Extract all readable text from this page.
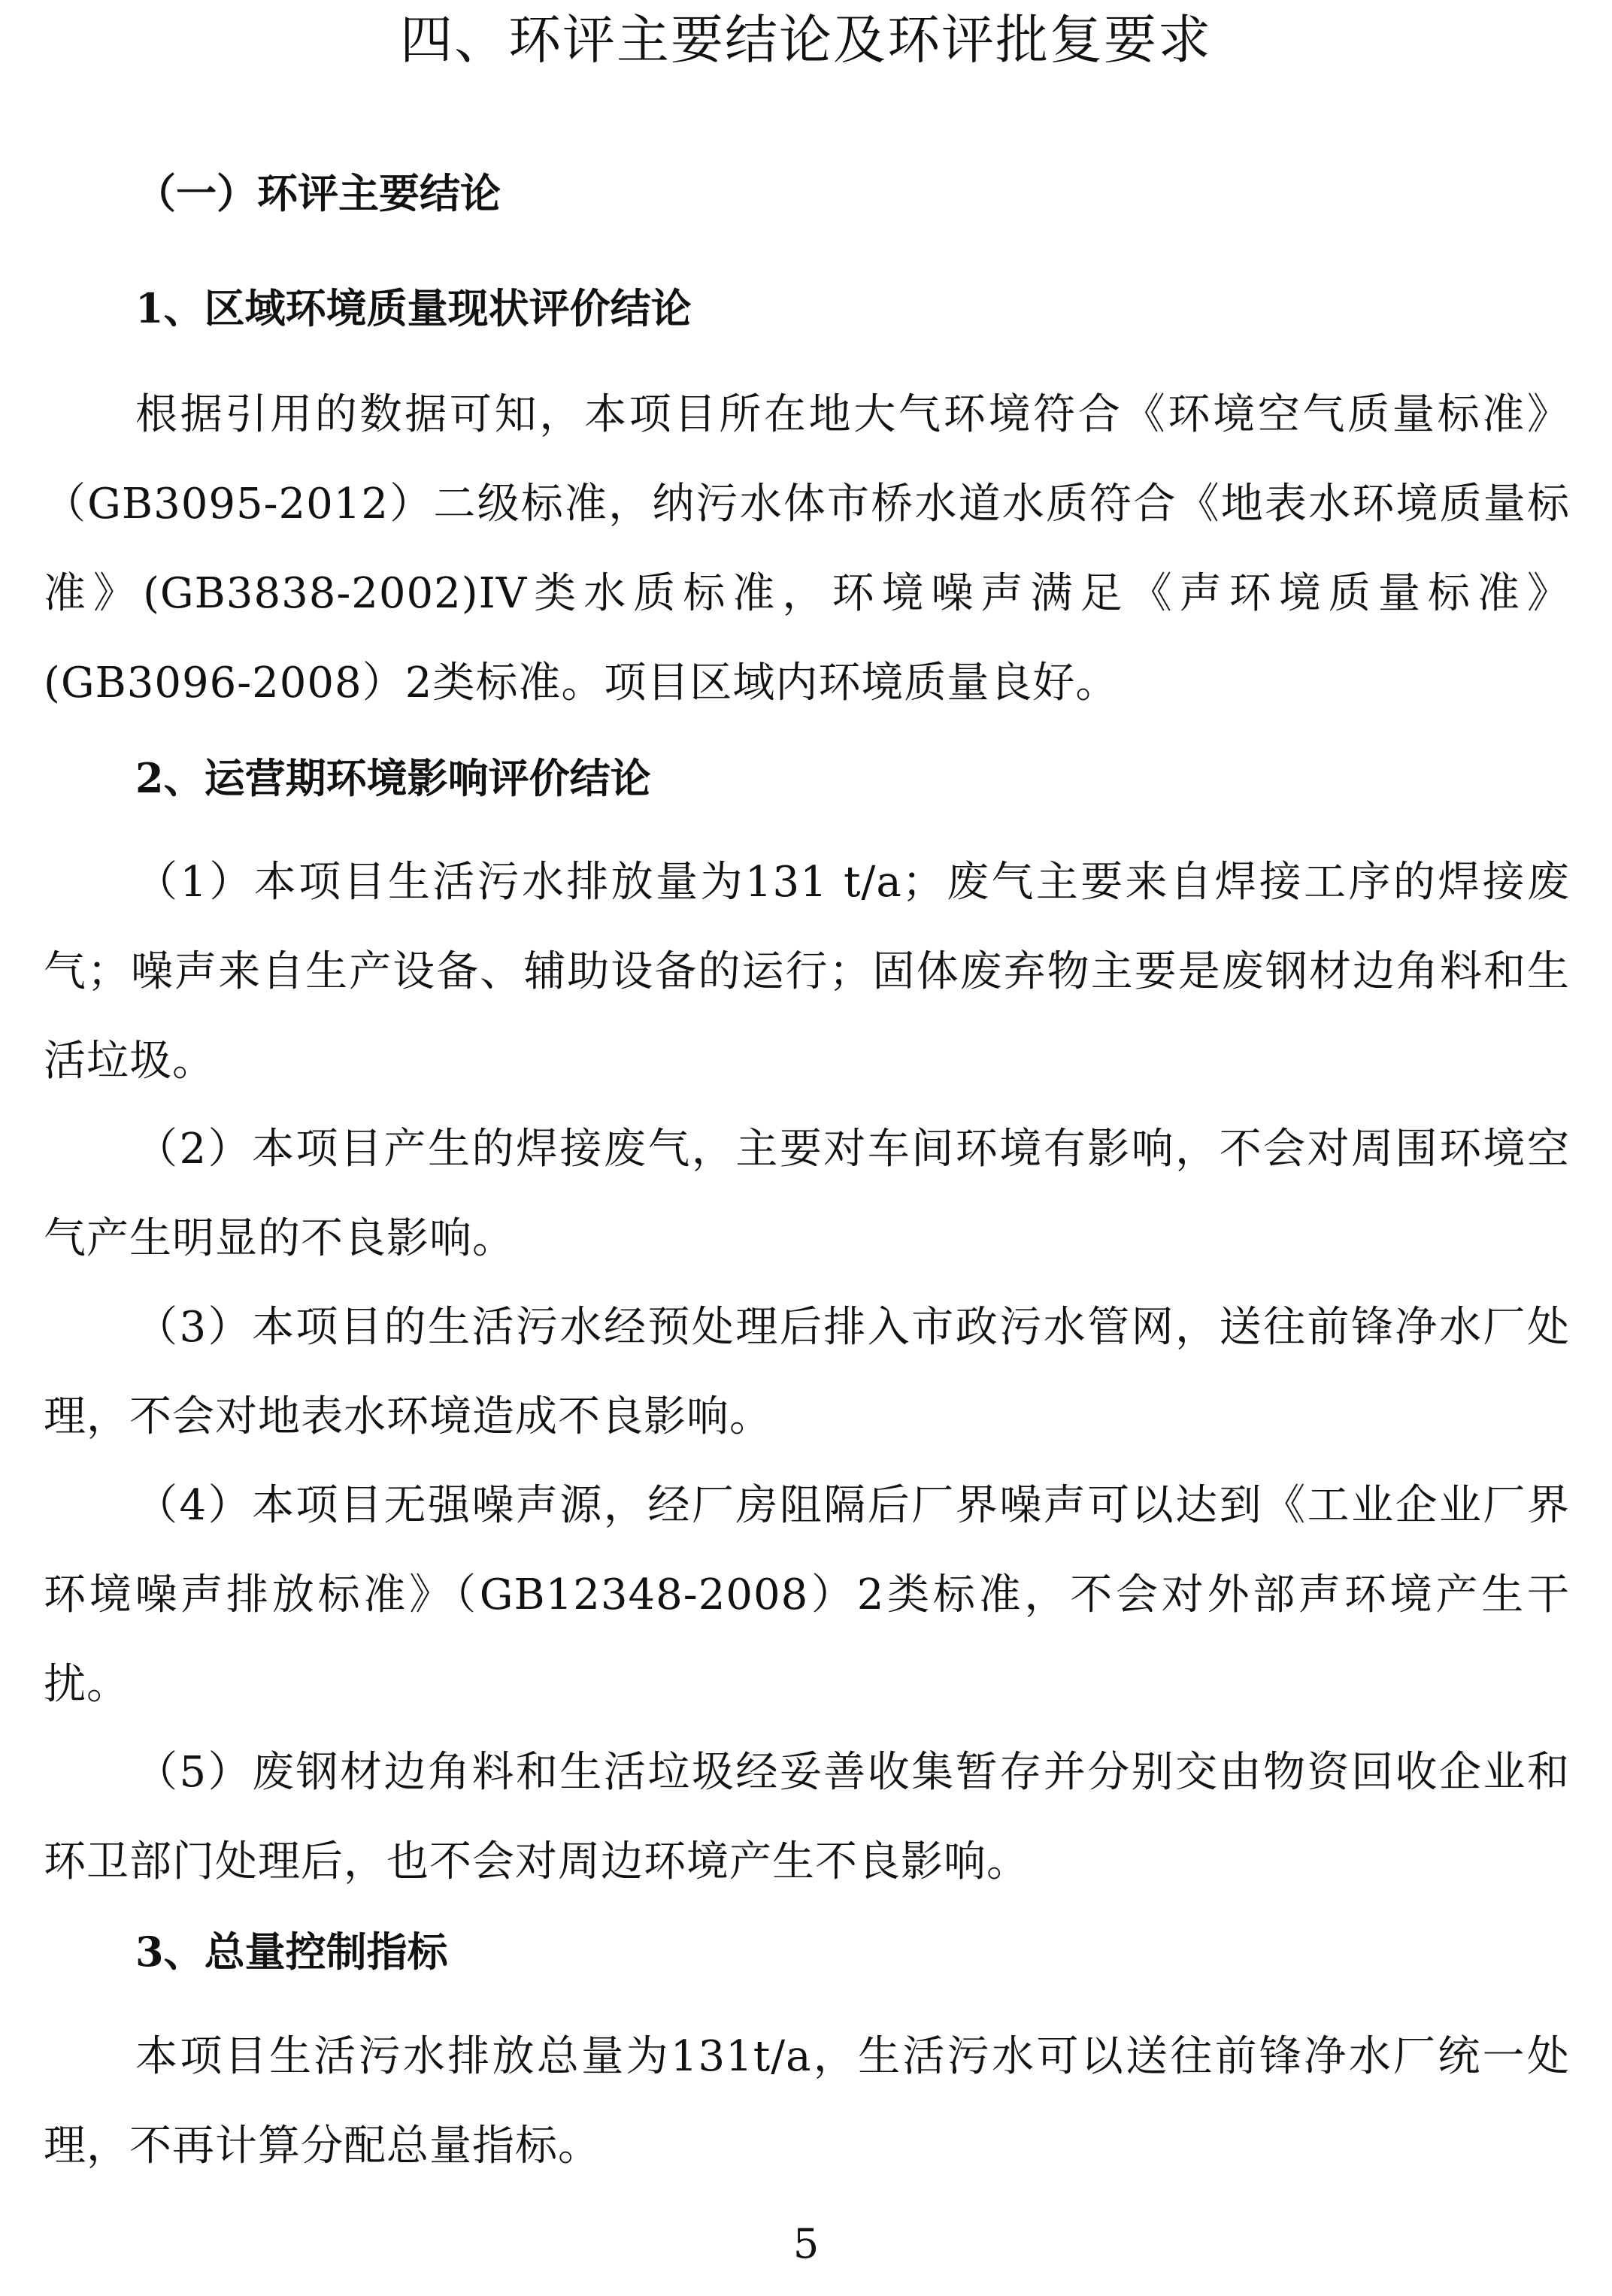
四、环评主要结论及环评批复要求
（一）环评主要结论
1、区域环境质量现状评价结论

根据引用的数据可知，本项目所在地大气环境符合《环境空气质量标准》（GB3095-2012）二级标准，纳污水体市桥水道水质符合《地表水环境质量标准》(GB3838-2002)IV类水质标准，环境噪声满足《声环境质量标准》(GB3096-2008）2类标准。项目区域内环境质量良好。

2、运营期环境影响评价结论

（1）本项目生活污水排放量为131 t/a；废气主要来自焊接工序的焊接废气；噪声来自生产设备、辅助设备的运行；固体废弃物主要是废钢材边角料和生活垃圾。

（2）本项目产生的焊接废气，主要对车间环境有影响，不会对周围环境空气产生明显的不良影响。

（3）本项目的生活污水经预处理后排入市政污水管网，送往前锋净水厂处理，不会对地表水环境造成不良影响。

（4）本项目无强噪声源，经厂房阻隔后厂界噪声可以达到《工业企业厂界环境噪声排放标准》（GB12348-2008）2类标准，不会对外部声环境产生干扰。

（5）废钢材边角料和生活垃圾经妥善收集暂存并分别交由物资回收企业和环卫部门处理后，也不会对周边环境产生不良影响。

3、总量控制指标

本项目生活污水排放总量为131t/a，生活污水可以送往前锋净水厂统一处理，不再计算分配总量指标。

5
